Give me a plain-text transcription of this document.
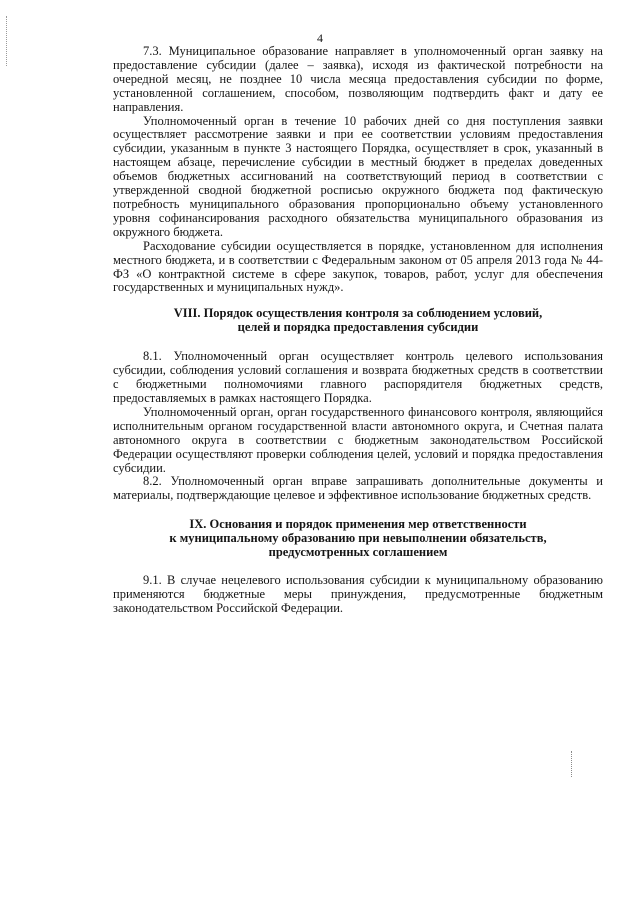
4

7.3. Муниципальное образование направляет в уполномоченный орган заявку на предоставление субсидии (далее – заявка), исходя из фактической потребности на очередной месяц, не позднее 10 числа месяца предоставления субсидии по форме, установленной соглашением, способом, позволяющим подтвердить факт и дату ее направления.

Уполномоченный орган в течение 10 рабочих дней со дня поступления заявки осуществляет рассмотрение заявки и при ее соответствии условиям предоставления субсидии, указанным в пункте 3 настоящего Порядка, осуществляет в срок, указанный в настоящем абзаце, перечисление субсидии в местный бюджет в пределах доведенных объемов бюджетных ассигнований на соответствующий период в соответствии с утвержденной сводной бюджетной росписью окружного бюджета под фактическую потребность муниципального образования пропорционально объему установленного уровня софинансирования расходного обязательства муниципального образования из окружного бюджета.

Расходование субсидии осуществляется в порядке, установленном для исполнения местного бюджета, и в соответствии с Федеральным законом от 05 апреля 2013 года № 44-ФЗ «О контрактной системе в сфере закупок, товаров, работ, услуг для обеспечения государственных и муниципальных нужд».

VIII. Порядок осуществления контроля за соблюдением условий,
целей и порядка предоставления субсидии

8.1. Уполномоченный орган осуществляет контроль целевого использования субсидии, соблюдения условий соглашения и возврата бюджетных средств в соответствии с бюджетными полномочиями главного распорядителя бюджетных средств, предоставляемых в рамках настоящего Порядка.

Уполномоченный орган, орган государственного финансового контроля, являющийся исполнительным органом государственной власти автономного округа, и Счетная палата автономного округа в соответствии с бюджетным законодательством Российской Федерации осуществляют проверки соблюдения целей, условий и порядка предоставления субсидии.

8.2. Уполномоченный орган вправе запрашивать дополнительные документы и материалы, подтверждающие целевое и эффективное использование бюджетных средств.

IX. Основания и порядок применения мер ответственности
к муниципальному образованию при невыполнении обязательств,
предусмотренных соглашением

9.1. В случае нецелевого использования субсидии к муниципальному образованию применяются бюджетные меры принуждения, предусмотренные бюджетным законодательством Российской Федерации.
